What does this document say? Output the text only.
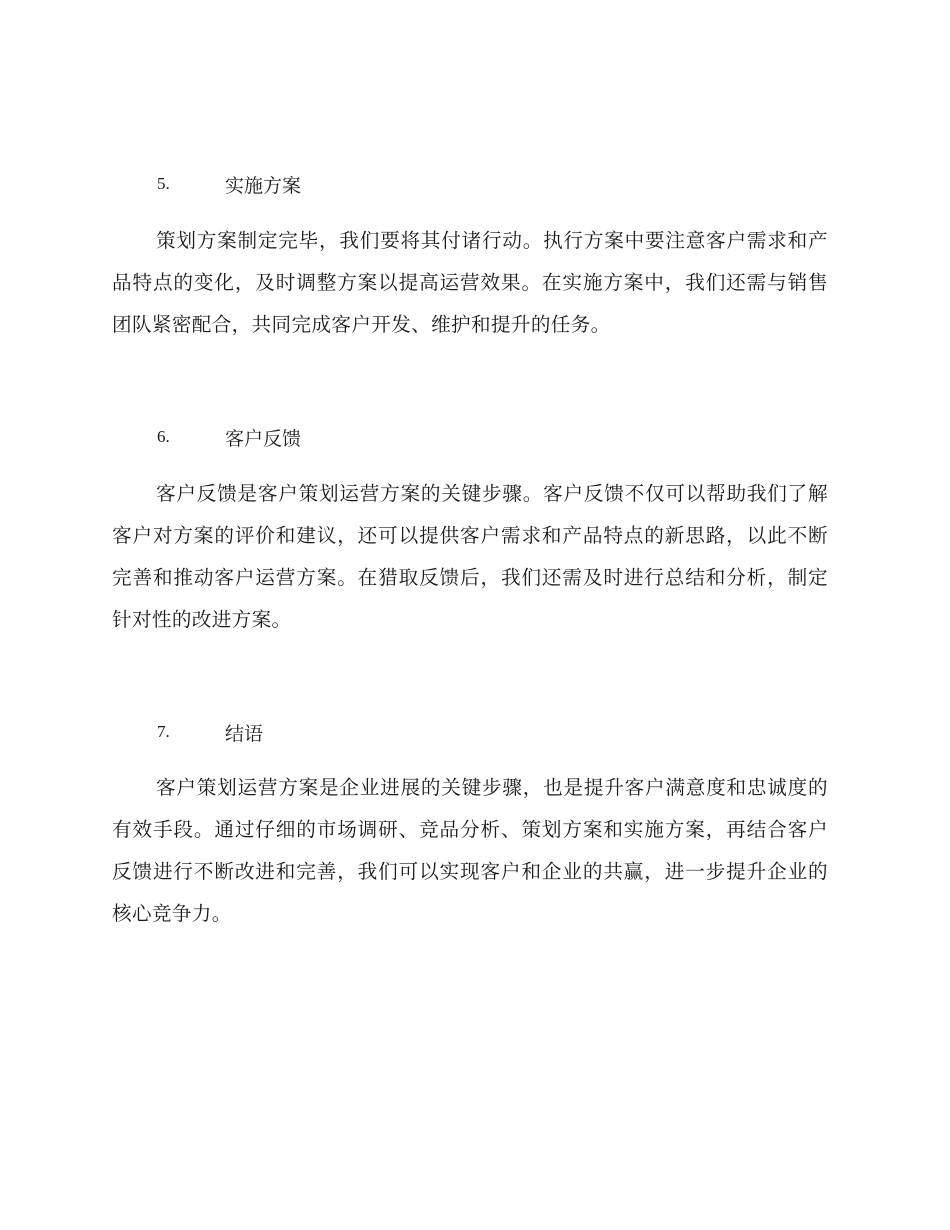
5.	实施方案

策划方案制定完毕，我们要将其付诸行动。执行方案中要注意客户需求和产品特点的变化，及时调整方案以提高运营效果。在实施方案中，我们还需与销售团队紧密配合，共同完成客户开发、维护和提升的任务。

6.	客户反馈

客户反馈是客户策划运营方案的关键步骤。客户反馈不仅可以帮助我们了解客户对方案的评价和建议，还可以提供客户需求和产品特点的新思路，以此不断完善和推动客户运营方案。在猎取反馈后，我们还需及时进行总结和分析，制定针对性的改进方案。

7.	结语

客户策划运营方案是企业进展的关键步骤，也是提升客户满意度和忠诚度的有效手段。通过仔细的市场调研、竞品分析、策划方案和实施方案，再结合客户反馈进行不断改进和完善，我们可以实现客户和企业的共赢，进一步提升企业的核心竞争力。
